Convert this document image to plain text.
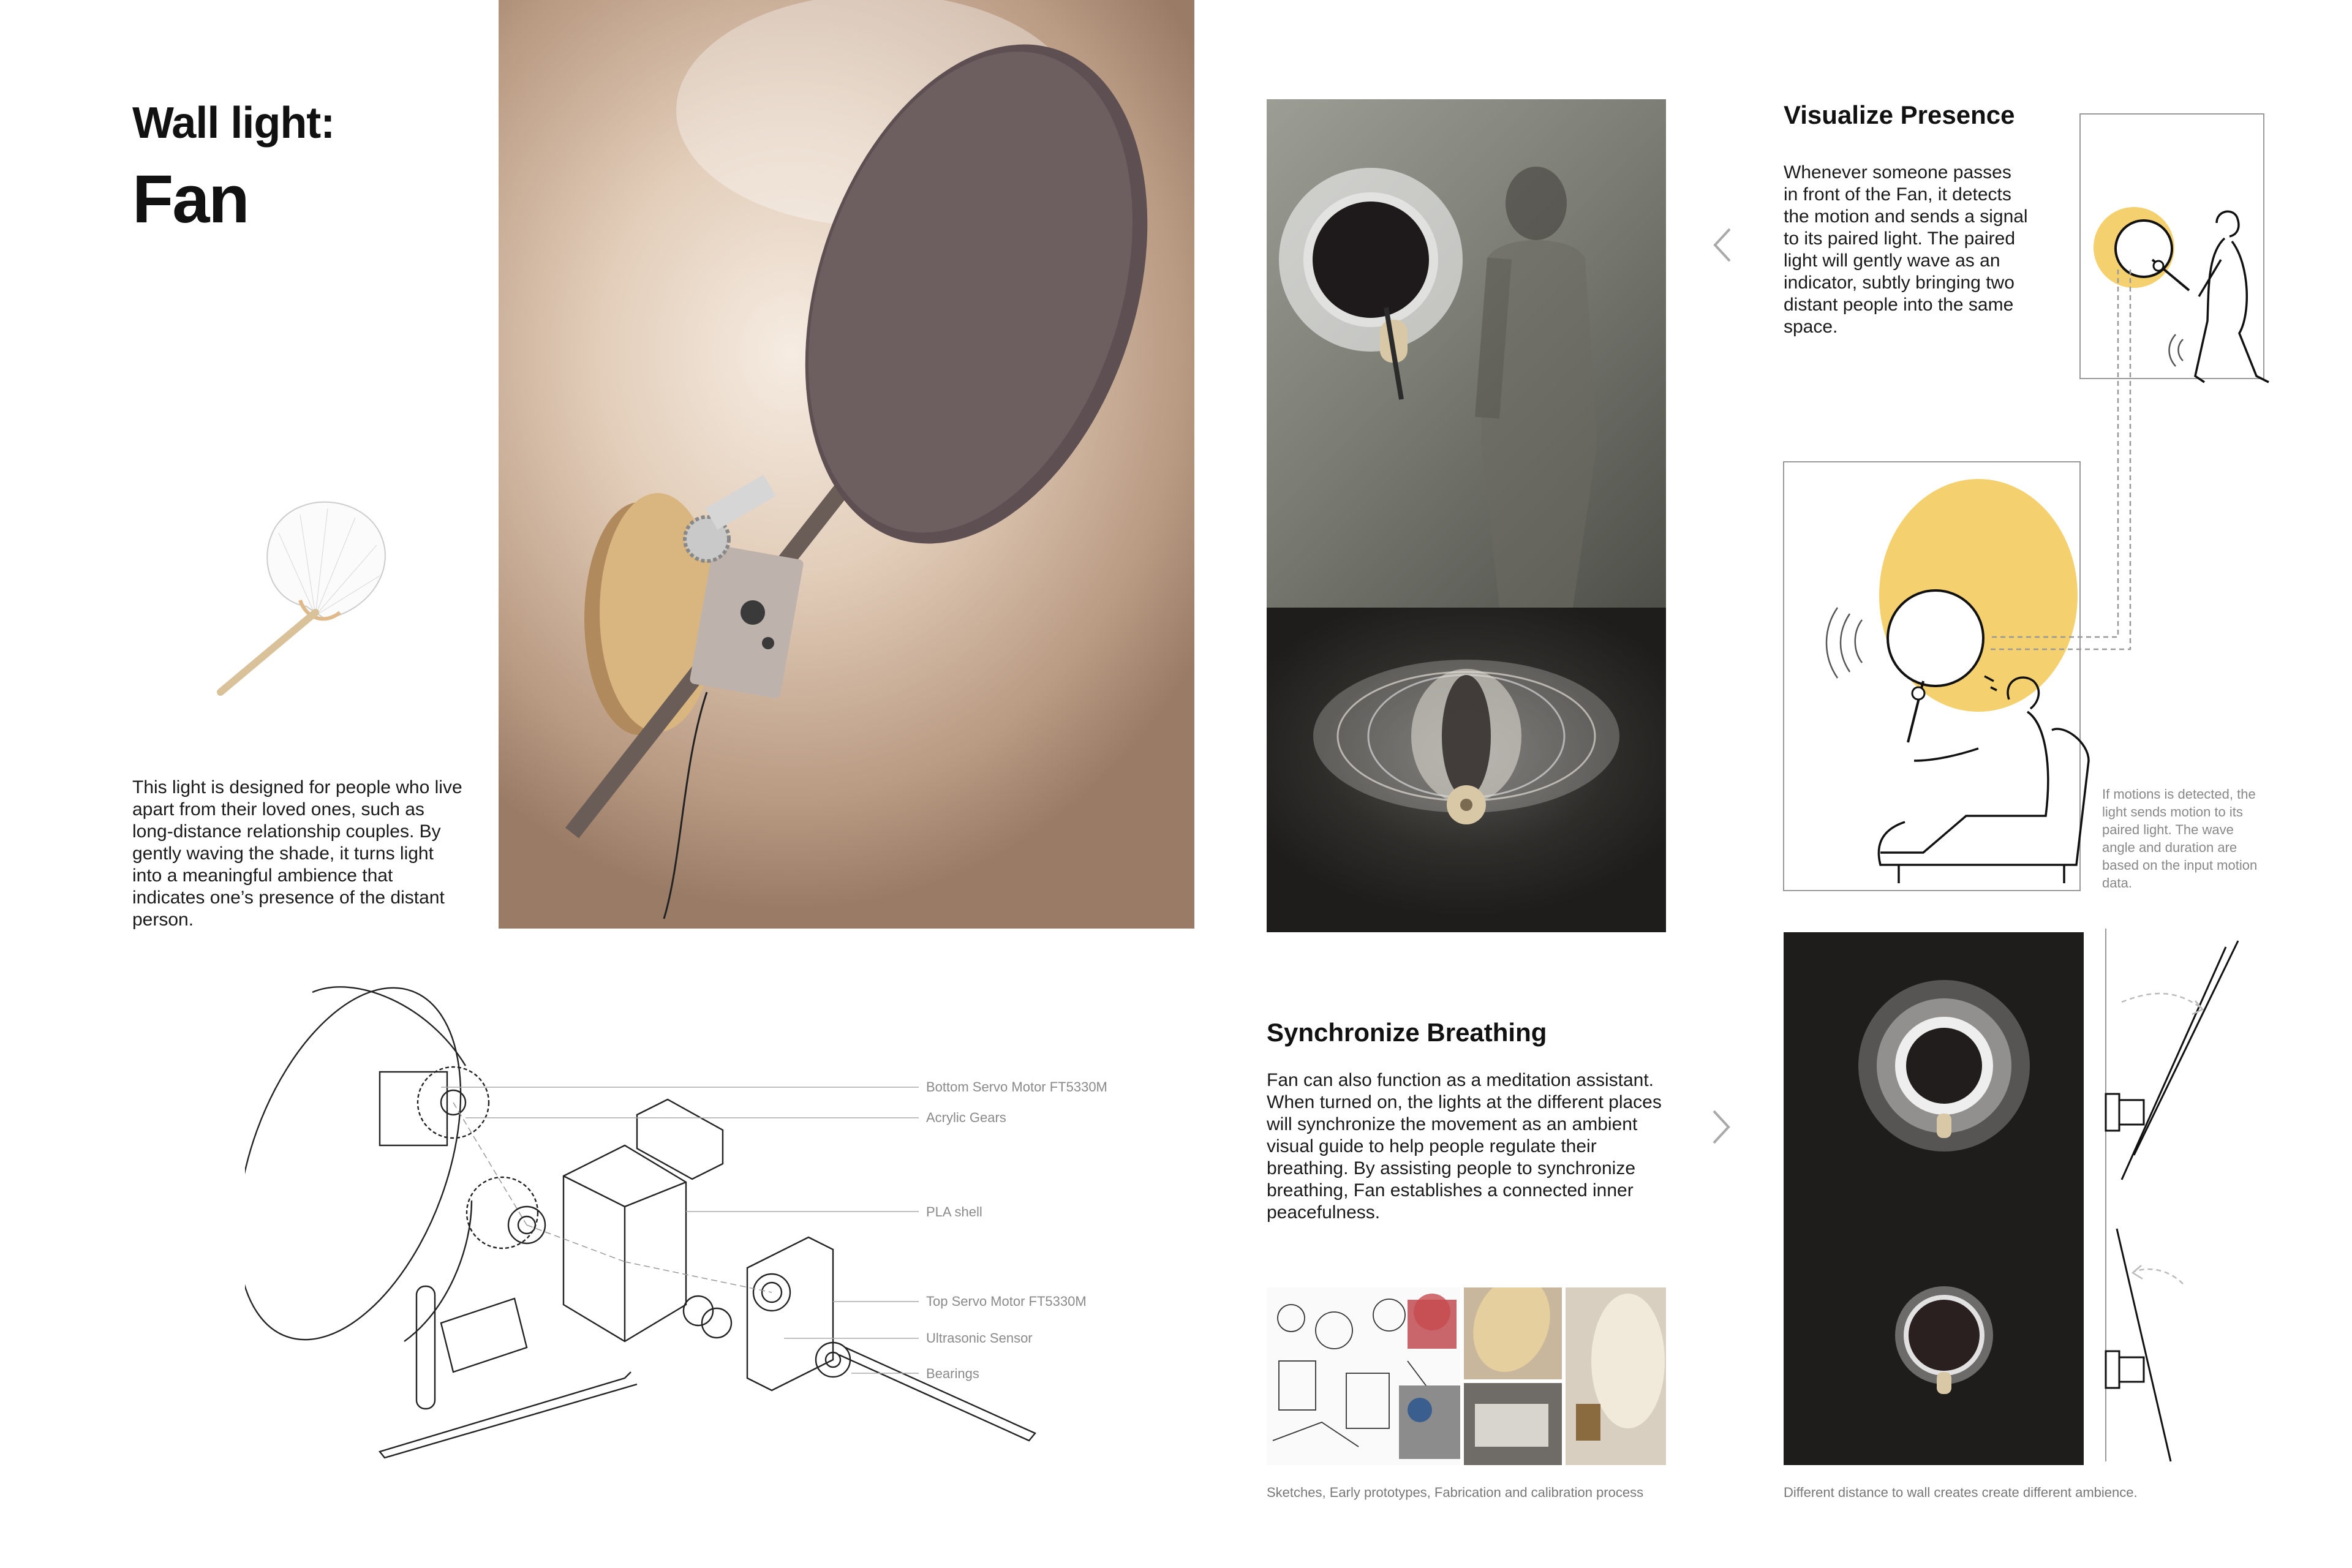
Wall light:
Fan
This light is designed for people who live apart from their loved ones, such as long-distance relationship couples. By gently waving the shade, it turns light into a meaningful ambience that indicates one’s presence of the distant person.
Visualize Presence
Whenever someone passes in front of the Fan, it detects the motion and sends a signal to its paired light. The paired light will gently wave as an indicator, subtly bringing two distant people into the same space.
If motions is detected, the light sends motion to its paired light. The wave angle and duration are based on the input motion data.
Synchronize Breathing
Fan can also function as a meditation assistant. When turned on, the lights at the different places will synchronize the movement as an ambient visual guide to help people regulate their breathing. By assisting people to synchronize breathing, Fan establishes a connected inner peacefulness.
Sketches, Early prototypes, Fabrication and calibration process	Different distance to wall creates create different ambience.
Bottom Servo Motor FT5330M
Acrylic Gears
PLA shell
Top Servo Motor FT5330M
Ultrasonic Sensor
Bearings
